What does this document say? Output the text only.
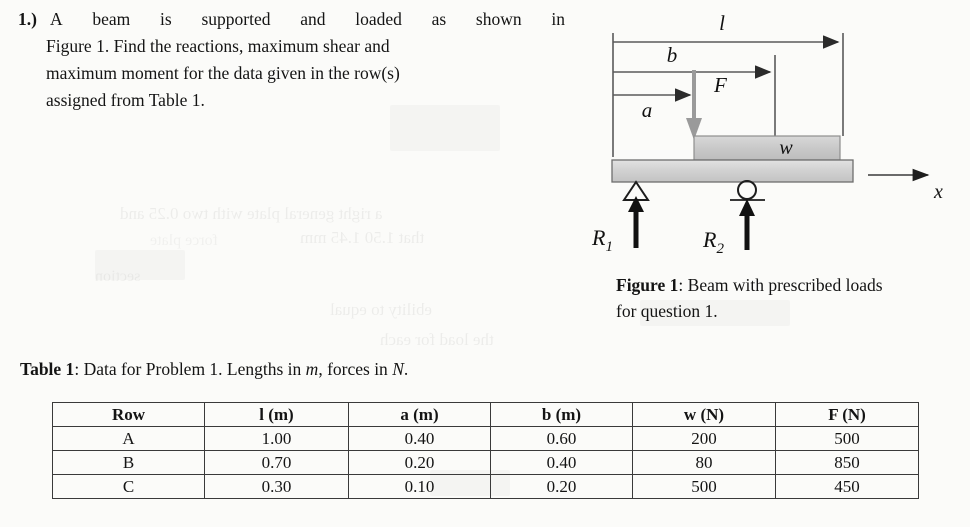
a right general plate with two 0.25 and
that 1.50 1.45 mm
ebility to equal
the load for each
1.) A beam is supported and loaded as shown in
Figure 1. Find the reactions, maximum shear and
maximum moment for the data given in the row(s)
assigned from Table 1.
l
b
a
F
w
$R_1$	$R_2$
x
Figure 1: Beam with prescribed loads
for question 1.
Table 1: Data for Problem 1. Lengths in m, forces in N.
Row	l (m)	a (m)	b (m)	w (N)	F (N)
A	1.00	0.40	0.60	200	500
B	0.70	0.20	0.40	80	850
C	0.30	0.10	0.20	500	450
